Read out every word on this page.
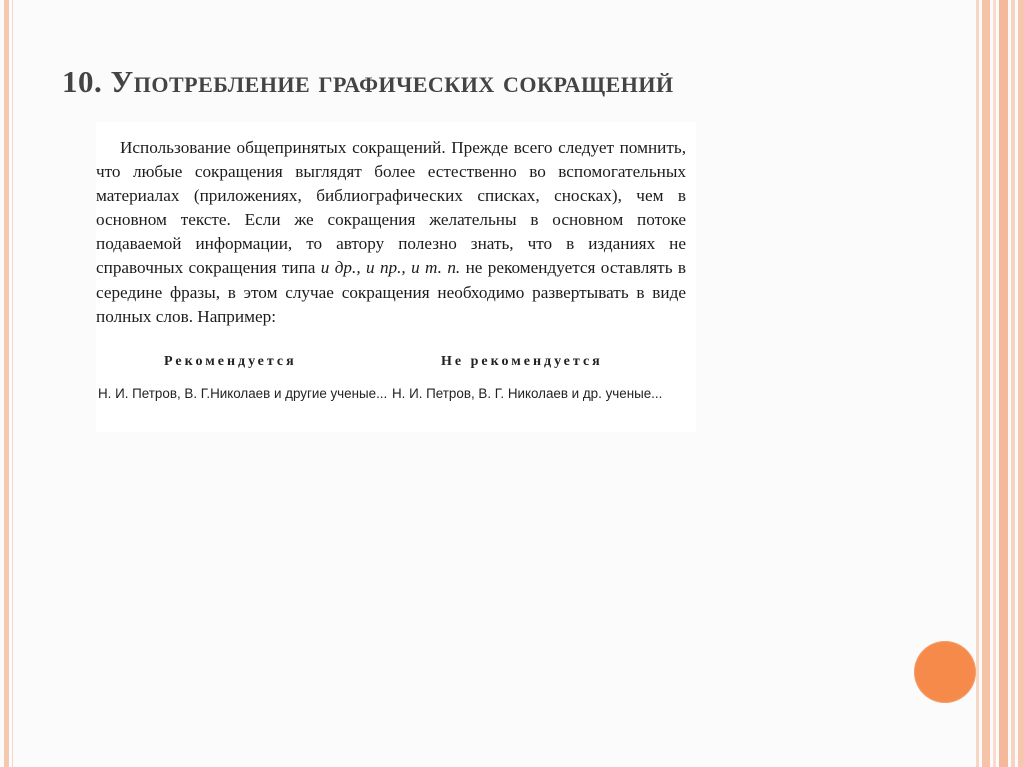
10. Употребление графических сокращений

Использование общепринятых сокращений. Прежде всего следует помнить, что любые сокращения выглядят более естественно во вспомогательных материалах (приложениях, библиографических списках, сносках), чем в основном тексте. Если же сокращения желательны в основном потоке подаваемой информации, то автору полезно знать, что в изданиях не справочных сокращения типа и др., и пр., и т. п. не рекомендуется оставлять в середине фразы, в этом случае сокращения необходимо развертывать в виде полных слов. Например:

Рекомендуется	Не рекомендуется
Н. И. Петров, В. Г.Николаев и другие ученые... Н. И. Петров, В. Г. Николаев и др. ученые...
